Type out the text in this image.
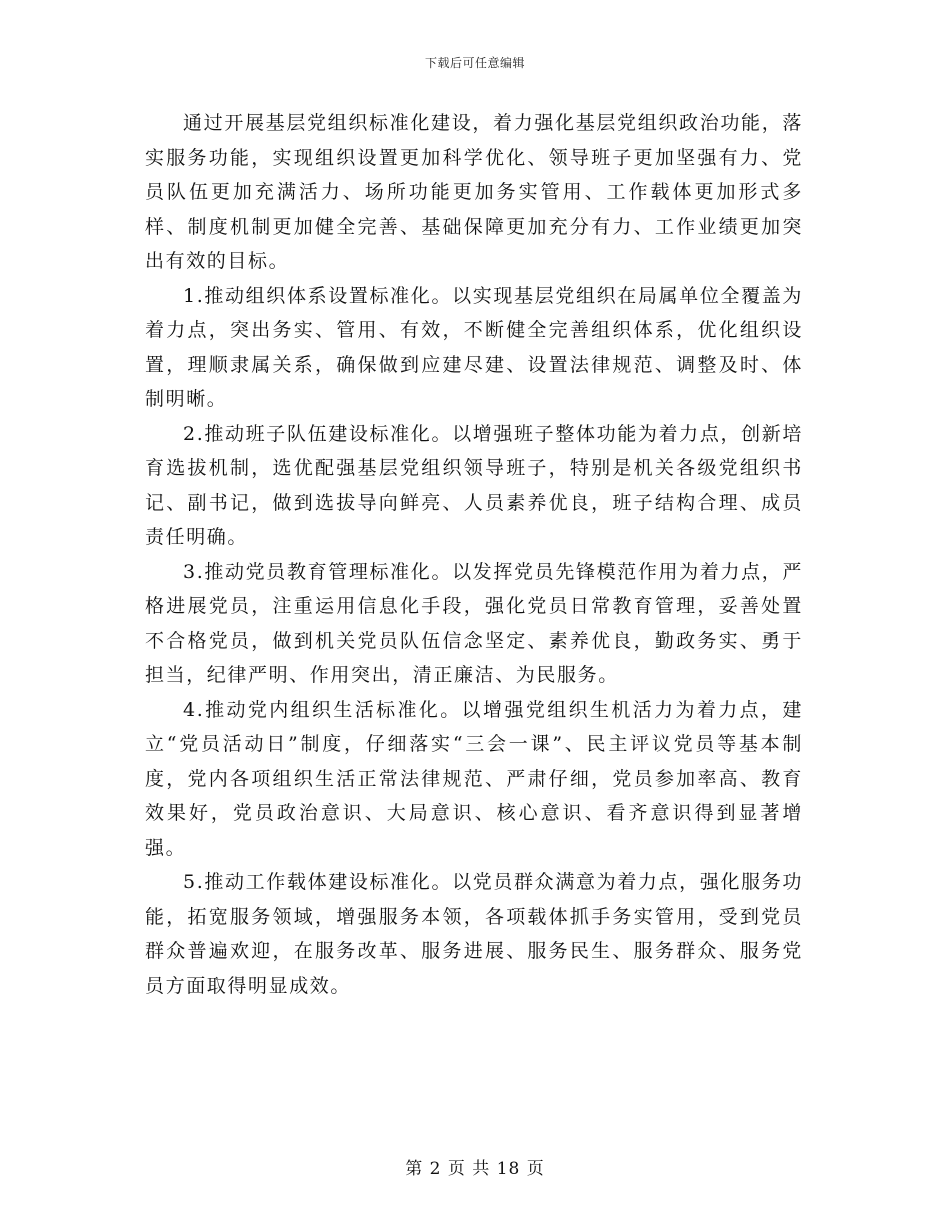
下载后可任意编辑

通过开展基层党组织标准化建设，着力强化基层党组织政治功能，落实服务功能，实现组织设置更加科学优化、领导班子更加坚强有力、党员队伍更加充满活力、场所功能更加务实管用、工作载体更加形式多样、制度机制更加健全完善、基础保障更加充分有力、工作业绩更加突出有效的目标。

1.推动组织体系设置标准化。以实现基层党组织在局属单位全覆盖为着力点，突出务实、管用、有效，不断健全完善组织体系，优化组织设置，理顺隶属关系，确保做到应建尽建、设置法律规范、调整及时、体制明晰。

2.推动班子队伍建设标准化。以增强班子整体功能为着力点，创新培育选拔机制，选优配强基层党组织领导班子，特别是机关各级党组织书记、副书记，做到选拔导向鲜亮、人员素养优良，班子结构合理、成员责任明确。

3.推动党员教育管理标准化。以发挥党员先锋模范作用为着力点，严格进展党员，注重运用信息化手段，强化党员日常教育管理，妥善处置不合格党员，做到机关党员队伍信念坚定、素养优良，勤政务实、勇于担当，纪律严明、作用突出，清正廉洁、为民服务。

4.推动党内组织生活标准化。以增强党组织生机活力为着力点，建立“党员活动日”制度，仔细落实“三会一课”、民主评议党员等基本制度，党内各项组织生活正常法律规范、严肃仔细，党员参加率高、教育效果好，党员政治意识、大局意识、核心意识、看齐意识得到显著增强。

5.推动工作载体建设标准化。以党员群众满意为着力点，强化服务功能，拓宽服务领域，增强服务本领，各项载体抓手务实管用，受到党员群众普遍欢迎，在服务改革、服务进展、服务民生、服务群众、服务党员方面取得明显成效。

第 2 页 共 18 页
